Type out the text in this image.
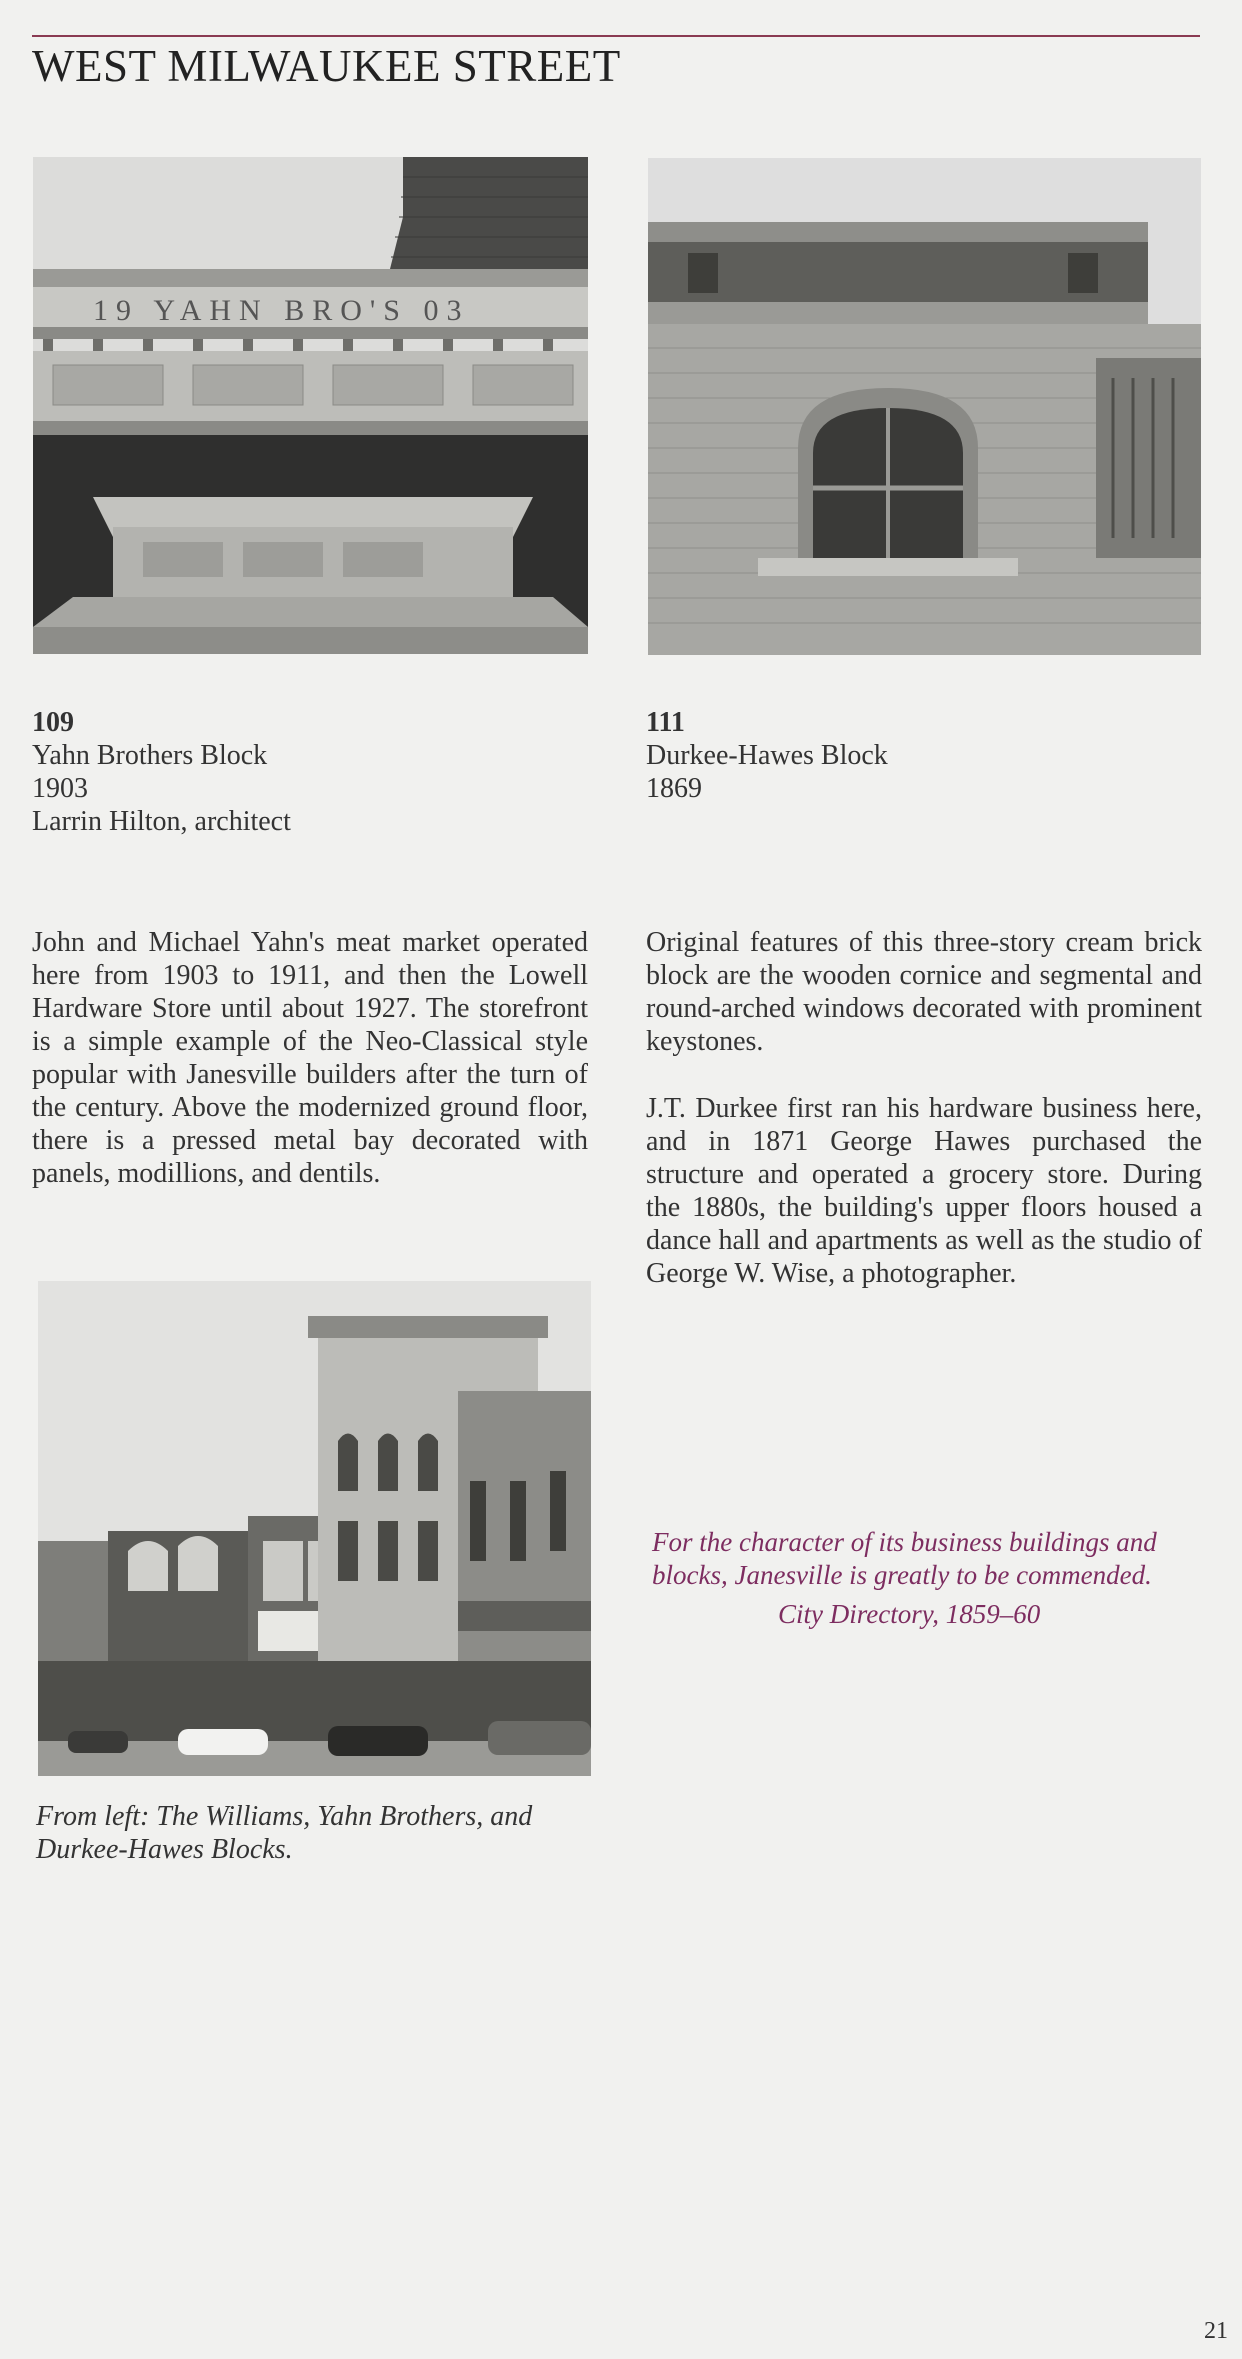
WEST MILWAUKEE STREET
19 YAHN BRO'S 03
109
Yahn Brothers Block
1903
Larrin Hilton, architect
111
Durkee-Hawes Block
1869

John and Michael Yahn's meat market operated here from 1903 to 1911, and then the Lowell Hardware Store until about 1927. The storefront is a simple example of the Neo-Classical style popular with Janesville builders after the turn of the century. Above the modernized ground floor, there is a pressed metal bay decorated with panels, modillions, and dentils.

Original features of this three-story cream brick block are the wooden cornice and segmental and round-arched windows decorated with prominent keystones.

J.T. Durkee first ran his hardware business here, and in 1871 George Hawes purchased the structure and operated a grocery store. During the 1880s, the building's upper floors housed a dance hall and apartments as well as the studio of George W. Wise, a photographer.

From left: The Williams, Yahn Brothers, and Durkee-Hawes Blocks.

For the character of its business buildings and blocks, Janesville is greatly to be commended.
City Directory, 1859–60
21
